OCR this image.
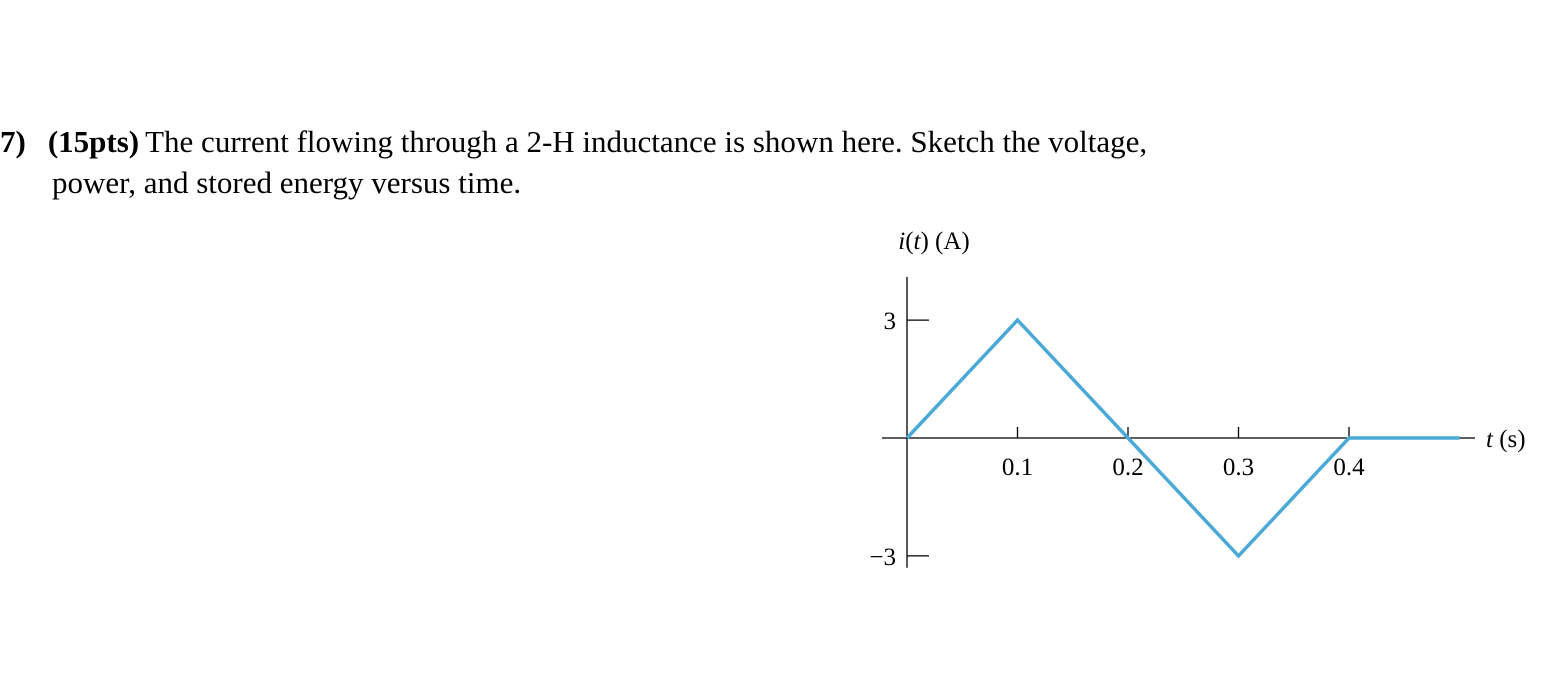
7) (15pts) The current flowing through a 2-H inductance is shown here. Sketch the voltage,
power, and stored energy versus time.
0.1	0.2	0.3	0.4
3
−3
i(t) (A)
t (s)
